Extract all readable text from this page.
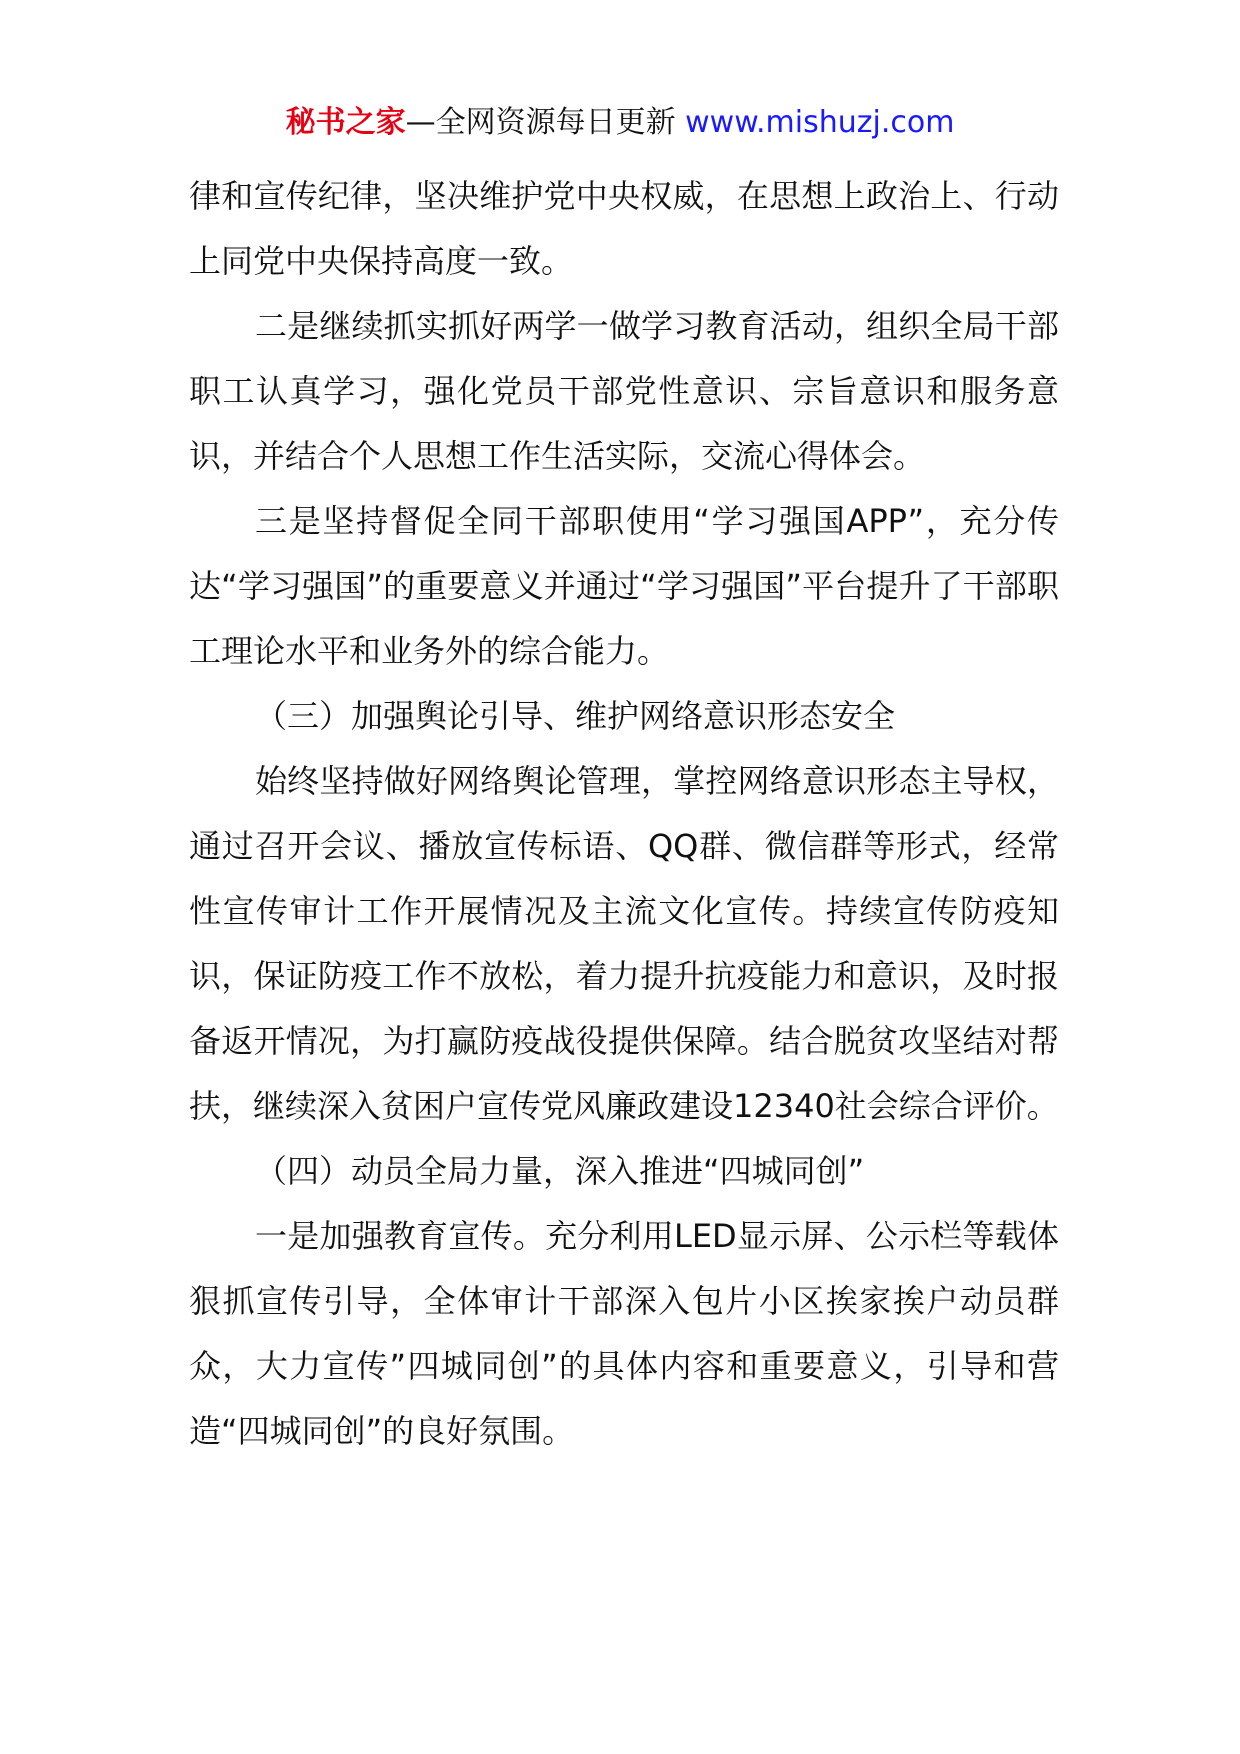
秘书之家—全网资源每日更新 www.mishuzj.com

律和宣传纪律，坚决维护党中央权威，在思想上政治上、行动上同党中央保持高度一致。

二是继续抓实抓好两学一做学习教育活动，组织全局干部职工认真学习，强化党员干部党性意识、宗旨意识和服务意识，并结合个人思想工作生活实际，交流心得体会。

三是坚持督促全同干部职使用“学习强国APP”，充分传达“学习强国”的重要意义并通过“学习强国”平台提升了干部职工理论水平和业务外的综合能力。

（三）加强舆论引导、维护网络意识形态安全

始终坚持做好网络舆论管理，掌控网络意识形态主导权，通过召开会议、播放宣传标语、QQ群、微信群等形式，经常性宣传审计工作开展情况及主流文化宣传。持续宣传防疫知识，保证防疫工作不放松，着力提升抗疫能力和意识，及时报备返开情况，为打赢防疫战役提供保障。结合脱贫攻坚结对帮扶，继续深入贫困户宣传党风廉政建设12340社会综合评价。

（四）动员全局力量，深入推进“四城同创”

一是加强教育宣传。充分利用LED显示屏、公示栏等载体狠抓宣传引导，全体审计干部深入包片小区挨家挨户动员群众，大力宣传”四城同创”的具体内容和重要意义，引导和营造“四城同创”的良好氛围。
